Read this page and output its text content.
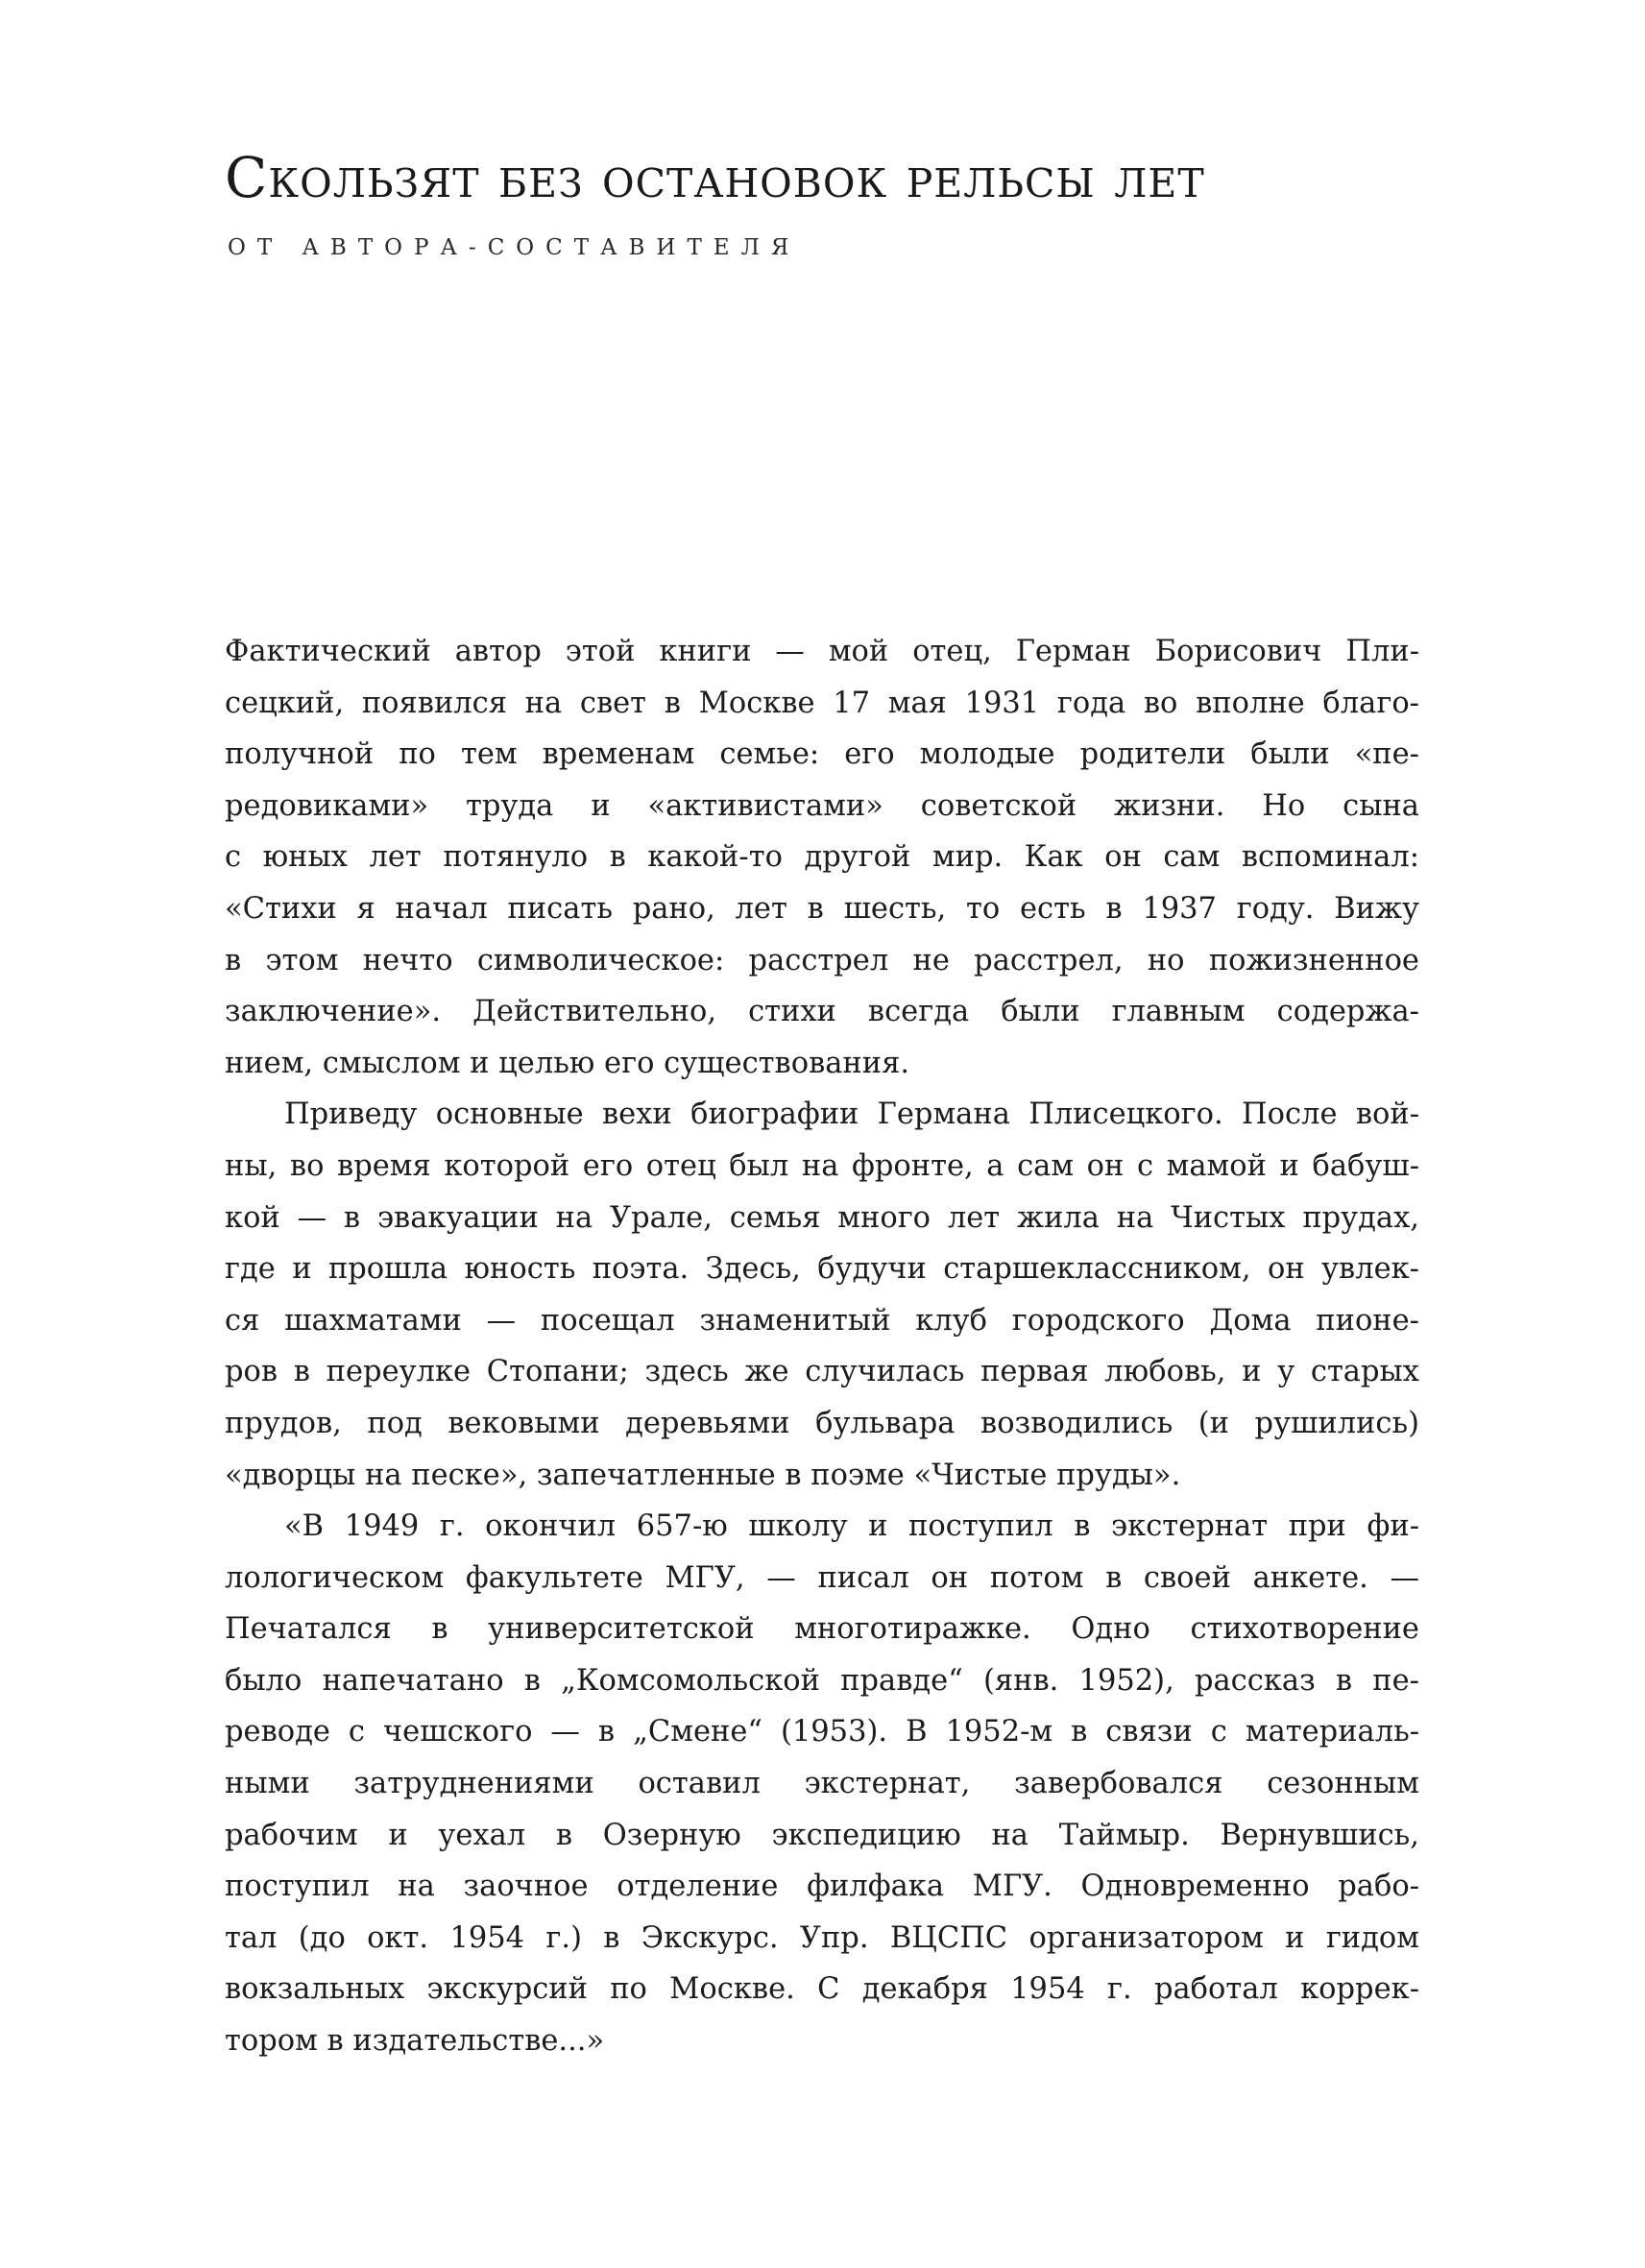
Скользят без остановок рельсы лет
ОТ АВТОРА-СОСТАВИТЕЛЯ
Фактический автор этой книги — мой отец, Герман Борисович Пли-
сецкий, появился на свет в Москве 17 мая 1931 года во вполне благо-
получной по тем временам семье: его молодые родители были «пе-
редовиками» труда и «активистами» советской жизни. Но сына
с юных лет потянуло в какой-то другой мир. Как он сам вспоминал:
«Стихи я начал писать рано, лет в шесть, то есть в 1937 году. Вижу
в этом нечто символическое: расстрел не расстрел, но пожизненное
заключение». Действительно, стихи всегда были главным содержа-
нием, смыслом и целью его существования.
Приведу основные вехи биографии Германа Плисецкого. После вой-
ны, во время которой его отец был на фронте, а сам он с мамой и бабуш-
кой — в эвакуации на Урале, семья много лет жила на Чистых прудах,
где и прошла юность поэта. Здесь, будучи старшеклассником, он увлек-
ся шахматами — посещал знаменитый клуб городского Дома пионе-
ров в переулке Стопани; здесь же случилась первая любовь, и у старых
прудов, под вековыми деревьями бульвара возводились (и рушились)
«дворцы на песке», запечатленные в поэме «Чистые пруды».
«В 1949 г. окончил 657-ю школу и поступил в экстернат при фи-
лологическом факультете МГУ, — писал он потом в своей анкете. —
Печатался в университетской многотиражке. Одно стихотворение
было напечатано в „Комсомольской правде“ (янв. 1952), рассказ в пе-
реводе с чешского — в „Смене“ (1953). В 1952-м в связи с материаль-
ными затруднениями оставил экстернат, завербовался сезонным
рабочим и уехал в Озерную экспедицию на Таймыр. Вернувшись,
поступил на заочное отделение филфака МГУ. Одновременно рабо-
тал (до окт. 1954 г.) в Экскурс. Упр. ВЦСПС организатором и гидом
вокзальных экскурсий по Москве. С декабря 1954 г. работал коррек-
тором в издательстве...»
